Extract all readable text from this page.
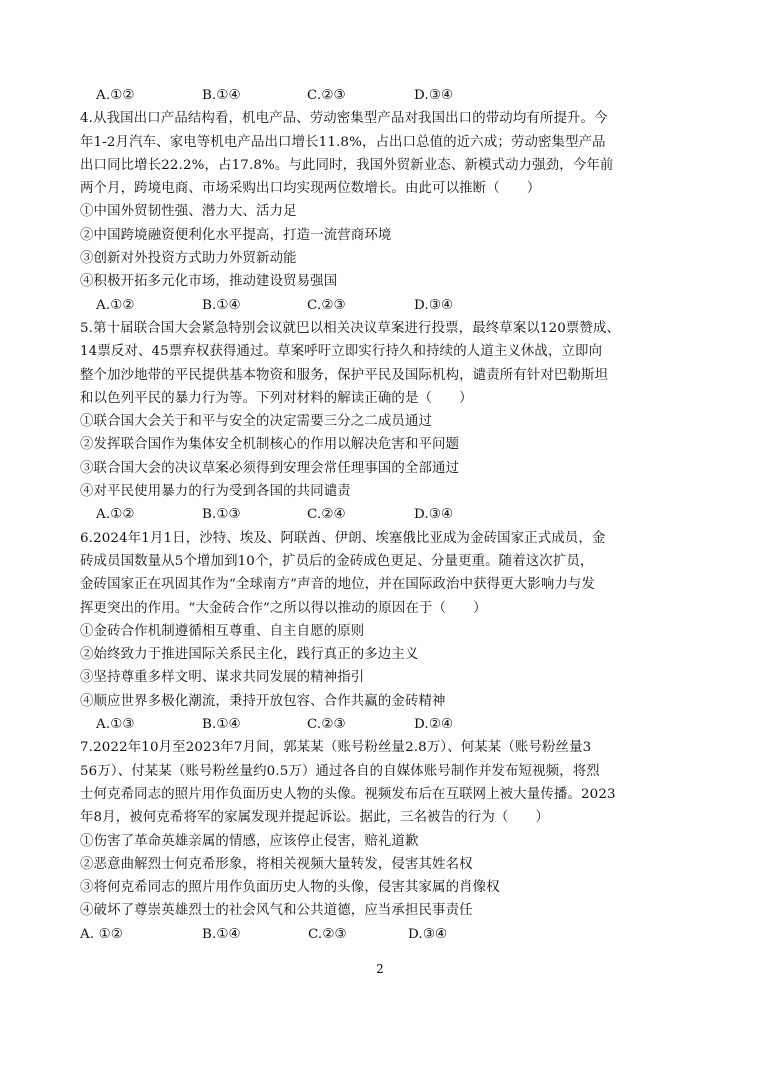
A.①②	B.①④	C.②③	D.③④
4.从我国出口产品结构看，机电产品、劳动密集型产品对我国出口的带动均有所提升。今
年1-2月汽车、家电等机电产品出口增长11.8%，占出口总值的近六成；劳动密集型产品
出口同比增长22.2%，占17.8%。与此同时，我国外贸新业态、新模式动力强劲，今年前
两个月，跨境电商、市场采购出口均实现两位数增长。由此可以推断（　　）
①中国外贸韧性强、潜力大、活力足
②中国跨境融资便利化水平提高，打造一流营商环境
③创新对外投资方式助力外贸新动能
④积极开拓多元化市场，推动建设贸易强国
A.①②	B.①④	C.②③	D.③④
5.第十届联合国大会紧急特别会议就巴以相关决议草案进行投票，最终草案以120票赞成、
14票反对、45票弃权获得通过。草案呼吁立即实行持久和持续的人道主义休战，立即向
整个加沙地带的平民提供基本物资和服务，保护平民及国际机构，谴责所有针对巴勒斯坦
和以色列平民的暴力行为等。下列对材料的解读正确的是（　　）
①联合国大会关于和平与安全的决定需要三分之二成员通过
②发挥联合国作为集体安全机制核心的作用以解决危害和平问题
③联合国大会的决议草案必须得到安理会常任理事国的全部通过
④对平民使用暴力的行为受到各国的共同谴责
A.①②	B.①③	C.②④	D.③④
6.2024年1月1日，沙特、埃及、阿联酋、伊朗、埃塞俄比亚成为金砖国家正式成员，金
砖成员国数量从5个增加到10个，扩员后的金砖成色更足、分量更重。随着这次扩员，
金砖国家正在巩固其作为“全球南方”声音的地位，并在国际政治中获得更大影响力与发
挥更突出的作用。“大金砖合作”之所以得以推动的原因在于（　　）
①金砖合作机制遵循相互尊重、自主自愿的原则
②始终致力于推进国际关系民主化，践行真正的多边主义
③坚持尊重多样文明、谋求共同发展的精神指引
④顺应世界多极化潮流，秉持开放包容、合作共赢的金砖精神
A.①③	B.①④	C.②③	D.②④
7.2022年10月至2023年7月间，郭某某（账号粉丝量2.8万）、何某某（账号粉丝量3
56万）、付某某（账号粉丝量约0.5万）通过各自的自媒体账号制作并发布短视频，将烈
士何克希同志的照片用作负面历史人物的头像。视频发布后在互联网上被大量传播。2023
年8月，被何克希将军的家属发现并提起诉讼。据此，三名被告的行为（　　）
①伤害了革命英雄亲属的情感，应该停止侵害，赔礼道歉
②恶意曲解烈士何克希形象，将相关视频大量转发，侵害其姓名权
③将何克希同志的照片用作负面历史人物的头像，侵害其家属的肖像权
④破坏了尊崇英雄烈士的社会风气和公共道德，应当承担民事责任
A. ①②	B.①④	C.②③	D.③④
2
